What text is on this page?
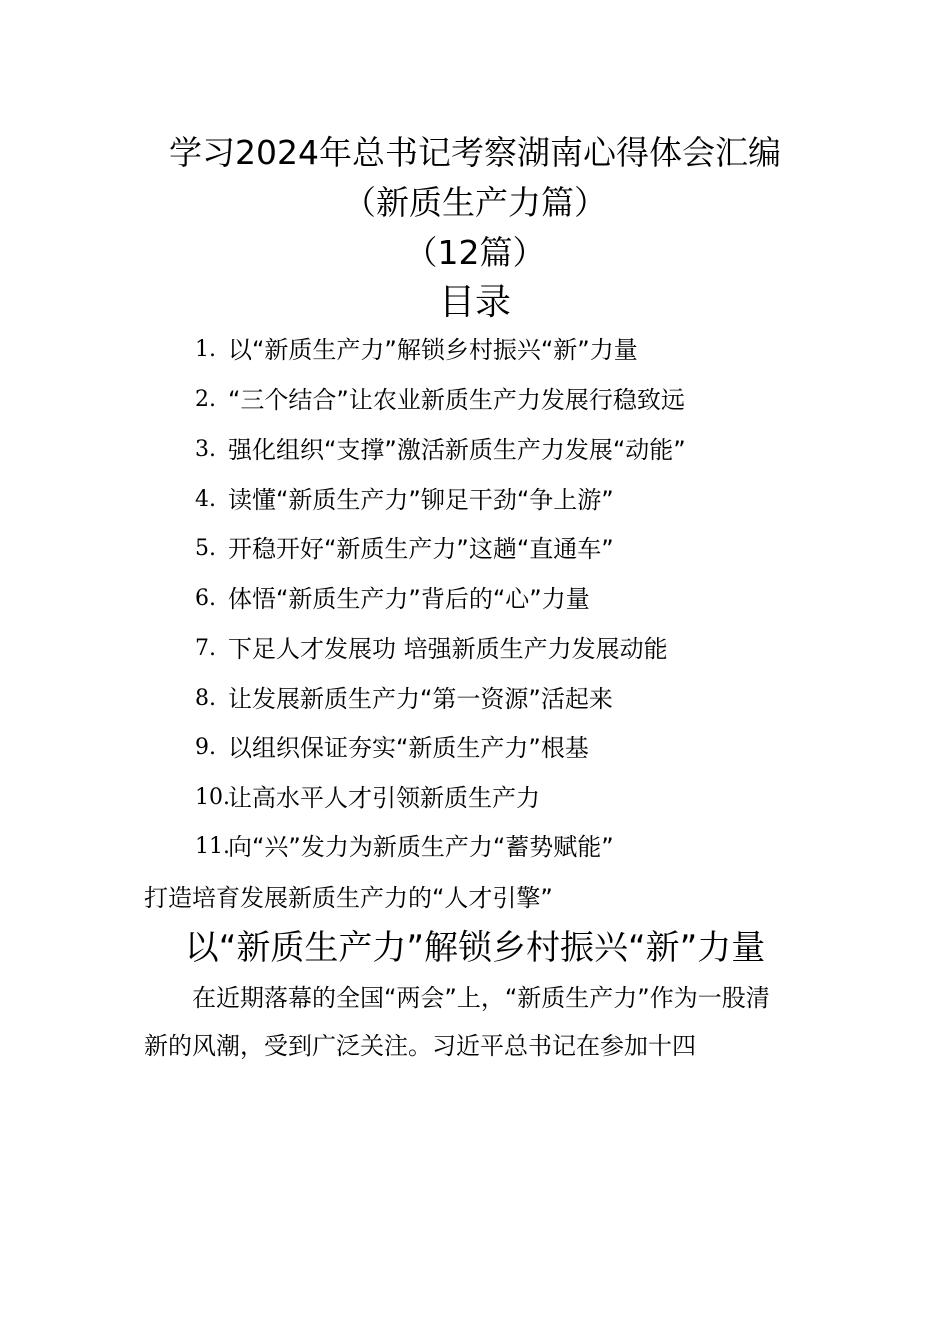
学习2024年总书记考察湖南心得体会汇编
（新质生产力篇）
（12篇）
目录
1. 以“新质生产力”解锁乡村振兴“新”力量
2. “三个结合”让农业新质生产力发展行稳致远
3. 强化组织“支撑”激活新质生产力发展“动能”
4. 读懂“新质生产力”铆足干劲“争上游”
5. 开稳开好“新质生产力”这趟“直通车”
6. 体悟“新质生产力”背后的“心”力量
7. 下足人才发展功 培强新质生产力发展动能
8. 让发展新质生产力“第一资源”活起来
9. 以组织保证夯实“新质生产力”根基
10.
让高水平人才引领新质生产力
11.
向“兴”发力为新质生产力“蓄势赋能”
打造培育发展新质生产力的“人才引擎”
以“新质生产力”解锁乡村振兴“新”力量
在近期落幕的全国“两会”上，“新质生产力”作为一股清
新的风潮，受到广泛关注。习近平总书记在参加十四
